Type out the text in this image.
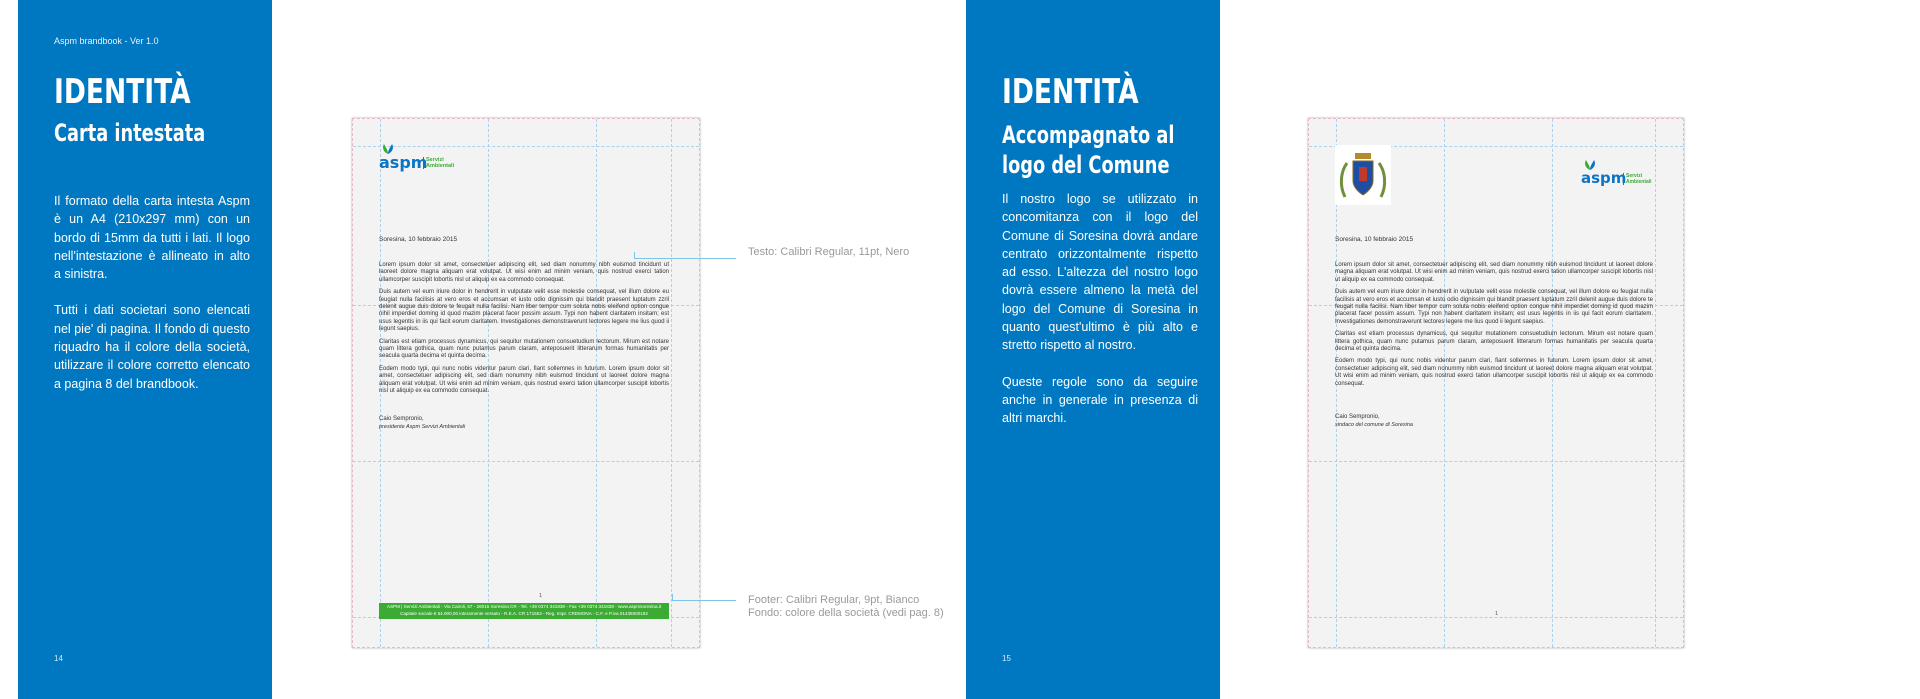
Aspm brandbook - Ver 1.0
IDENTITÀ
Carta intestata

Il formato della carta intesta Aspm è un A4 (210x297 mm) con un bordo di 15mm da tutti i lati. Il logo nell'intestazione è allineato in alto a sinistra.

Tutti i dati societari sono elencati nel pie' di pagina. Il fondo di questo riquadro ha il colore della società, utilizzare il colore corretto elencato a pagina 8 del brandbook.

14
aspm
Servizi
Ambientali
Soresina, 10 febbraio 2015

Lorem ipsum dolor sit amet, consectetuer adipiscing elit, sed diam nonummy nibh euismod tincidunt ut laoreet dolore magna aliquam erat volutpat. Ut wisi enim ad minim veniam, quis nostrud exerci tation ullamcorper suscipit lobortis nisl ut aliquip ex ea commodo consequat.

Duis autem vel eum iriure dolor in hendrerit in vulputate velit esse molestie consequat, vel illum dolore eu feugiat nulla facilisis at vero eros et accumsan et iusto odio dignissim qui blandit praesent luptatum zzril delenit augue duis dolore te feugait nulla facilisi. Nam liber tempor cum soluta nobis eleifend option congue nihil imperdiet doming id quod mazim placerat facer possim assum. Typi non habent claritatem insitam; est usus legentis in iis qui facit eorum claritatem. Investigationes demonstraverunt lectores legere me lius quod ii legunt saepius.

Claritas est etiam processus dynamicus, qui sequitur mutationem consuetudium lectorum. Mirum est notare quam littera gothica, quam nunc putamus parum claram, anteposuerit litterarum formas humanitatis per seacula quarta decima et quinta decima.

Eodem modo typi, qui nunc nobis videntur parum clari, fiant sollemnes in futurum. Lorem ipsum dolor sit amet, consectetuer adipiscing elit, sed diam nonummy nibh euismod tincidunt ut laoreet dolore magna aliquam erat volutpat. Ut wisi enim ad minim veniam, quis nostrud exerci tation ullamcorper suscipit lobortis nisl ut aliquip ex ea commodo consequat.

Caio Sempronio,
presidente Aspm Servizi Ambientali
1
ASPM | Servizi Ambientali - Via Cairoli, 57 - 26015 Soresina CR - Tel. +39 0374 341838 - Fax +39 0374 341838 - www.aspmsoresina.it
Capitale sociale € 64.000,00 interamente versato - R.E.A. CR 171553 - Reg. Impr. CREMONA - C.F. e P.iva 01435000192
Testo: Calibri Regular, 11pt, Nero
Footer: Calibri Regular, 9pt, Bianco
Fondo: colore della società (vedi pag. 8)
IDENTITÀ
Accompagnato al
logo del Comune

Il nostro logo se utilizzato in concomitanza con il logo del Comune di Soresina dovrà andare centrato orizzontalmente rispetto ad esso. L'altezza del nostro logo dovrà essere almeno la metà del logo del Comune di Soresina in quanto quest'ultimo è più alto e stretto rispetto al nostro.

Queste regole sono da seguire anche in generale in presenza di altri marchi.

15
aspm Servizi
Ambientali
Soresina, 10 febbraio 2015

Lorem ipsum dolor sit amet, consectetuer adipiscing elit, sed diam nonummy nibh euismod tincidunt ut laoreet dolore magna aliquam erat volutpat. Ut wisi enim ad minim veniam, quis nostrud exerci tation ullamcorper suscipit lobortis nisl ut aliquip ex ea commodo consequat.

Duis autem vel eum iriure dolor in hendrerit in vulputate velit esse molestie consequat, vel illum dolore eu feugiat nulla facilisis at vero eros et accumsan et iusto odio dignissim qui blandit praesent luptatum zzril delenit augue duis dolore te feugait nulla facilisi. Nam liber tempor cum soluta nobis eleifend option congue nihil imperdiet doming id quod mazim placerat facer possim assum. Typi non habent claritatem insitam; est usus legentis in iis qui facit eorum claritatem. Investigationes demonstraverunt lectores legere me lius quod ii legunt saepius.

Claritas est etiam processus dynamicus, qui sequitur mutationem consuetudium lectorum. Mirum est notare quam littera gothica, quam nunc putamus parum claram, anteposuerit litterarum formas humanitatis per seacula quarta decima et quinta decima.

Eodem modo typi, qui nunc nobis videntur parum clari, fiant sollemnes in futurum. Lorem ipsum dolor sit amet, consectetuer adipiscing elit, sed diam nonummy nibh euismod tincidunt ut laoreet dolore magna aliquam erat volutpat. Ut wisi enim ad minim veniam, quis nostrud exerci tation ullamcorper suscipit lobortis nisl ut aliquip ex ea commodo consequat.

Caio Sempronio,
sindaco del comune di Soresina
1
